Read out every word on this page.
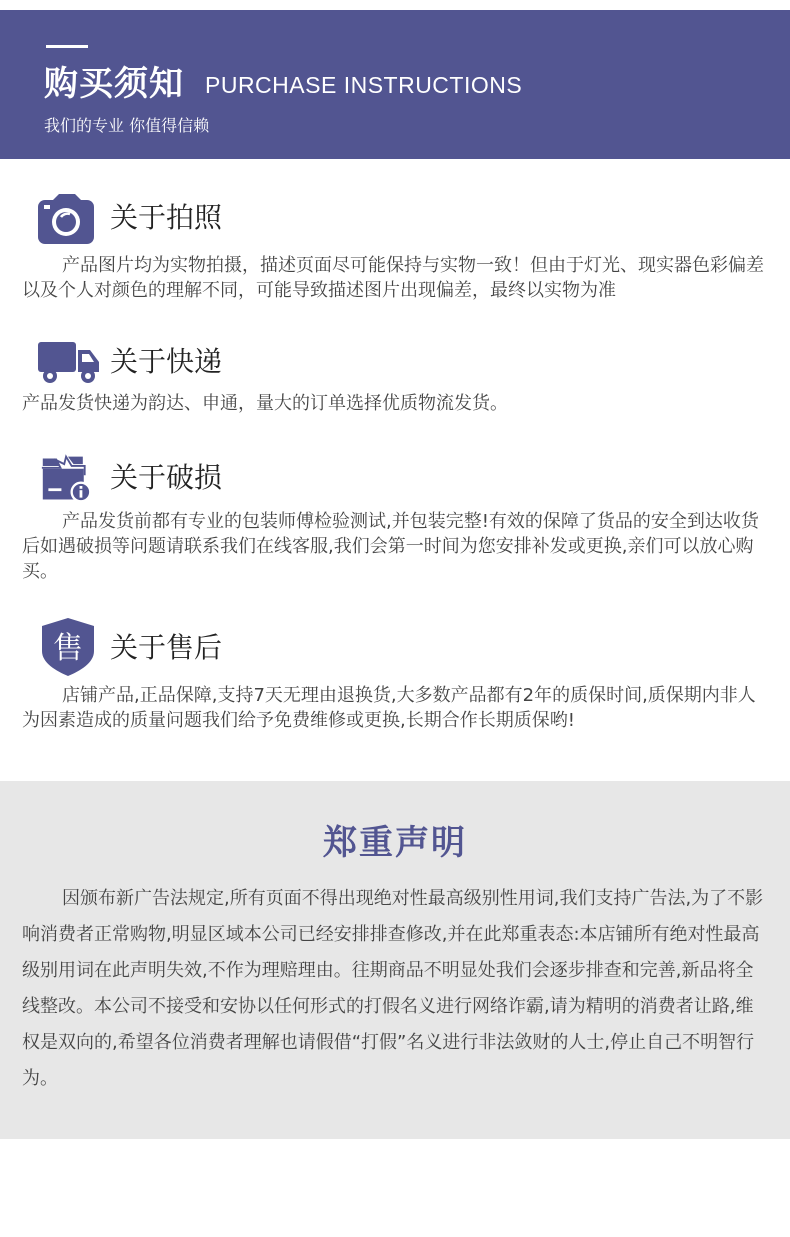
购买须知 PURCHASE INSTRUCTIONS
我们的专业 你值得信赖
关于拍照
产品图片均为实物拍摄，描述页面尽可能保持与实物一致！但由于灯光、现实器色彩偏差以及个人对颜色的理解不同，可能导致描述图片出现偏差，最终以实物为准
关于快递
产品发货快递为韵达、申通，量大的订单选择优质物流发货。
关于破损
产品发货前都有专业的包装师傅检验测试,并包装完整!有效的保障了货品的安全到达收货后如遇破损等问题请联系我们在线客服,我们会第一时间为您安排补发或更换,亲们可以放心购买。
售 关于售后
店铺产品,正品保障,支持7天无理由退换货,大多数产品都有2年的质保时间,质保期内非人为因素造成的质量问题我们给予免费维修或更换,长期合作长期质保哟!
郑重声明
因颁布新广告法规定,所有页面不得出现绝对性最高级别性用词,我们支持广告法,为了不影响消费者正常购物,明显区域本公司已经安排排查修改,并在此郑重表态:本店铺所有绝对性最高级别用词在此声明失效,不作为理赔理由。往期商品不明显处我们会逐步排查和完善,新品将全线整改。本公司不接受和安协以任何形式的打假名义进行网络诈霸,请为精明的消费者让路,维权是双向的,希望各位消费者理解也请假借“打假”名义进行非法敛财的人士,停止自己不明智行为。
